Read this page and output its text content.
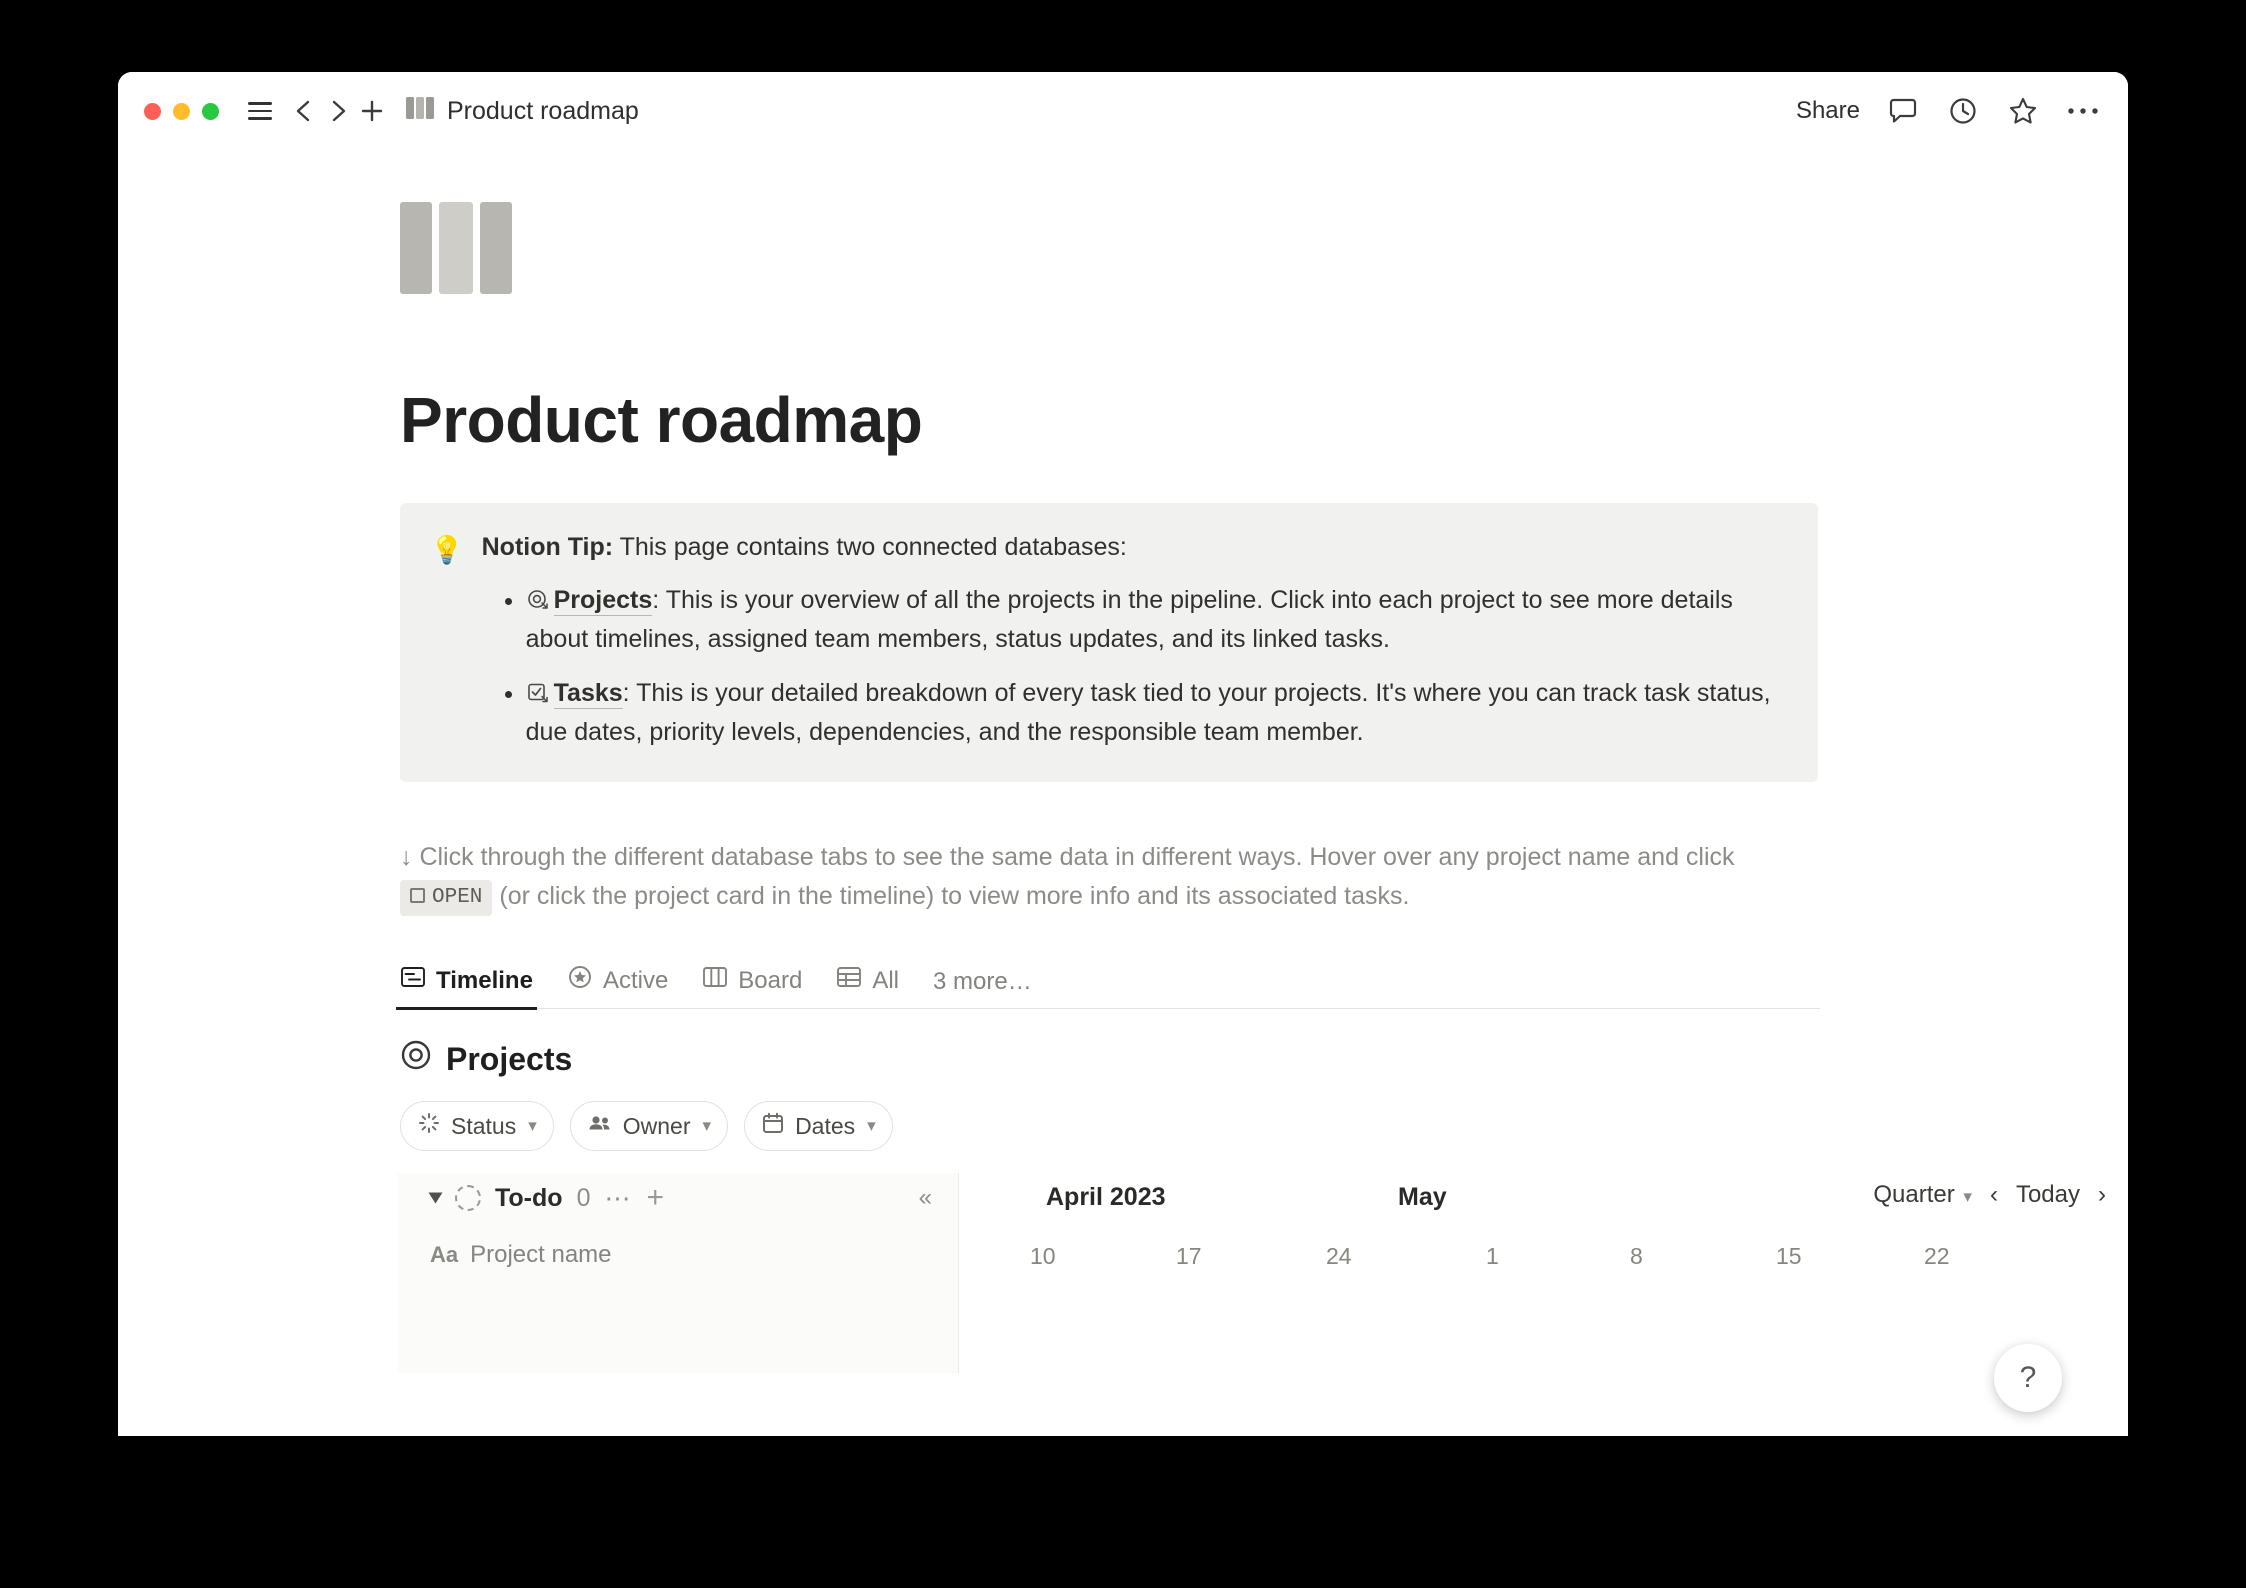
Product roadmap	Share
Product roadmap
💡 Notion Tip: This page contains two connected databases:
• Projects: This is your overview of all the projects in the pipeline. Click into each project to see more details about timelines, assigned team members, status updates, and its linked tasks.
• Tasks: This is your detailed breakdown of every task tied to your projects. It's where you can track task status, due dates, priority levels, dependencies, and the responsible team member.
↓ Click through the different database tabs to see the same data in different ways. Hover over any project name and click OPEN (or click the project card in the timeline) to view more info and its associated tasks.
Timeline	Active	Board	All 3 more…
Projects
Status ▾	Owner ▾	Dates ▾
To-do 0 ⋯ +	«
Aa Project name
April 2023	May	Quarter ▾ ‹ Today ›
10	17	24	1	8	15	22
?
